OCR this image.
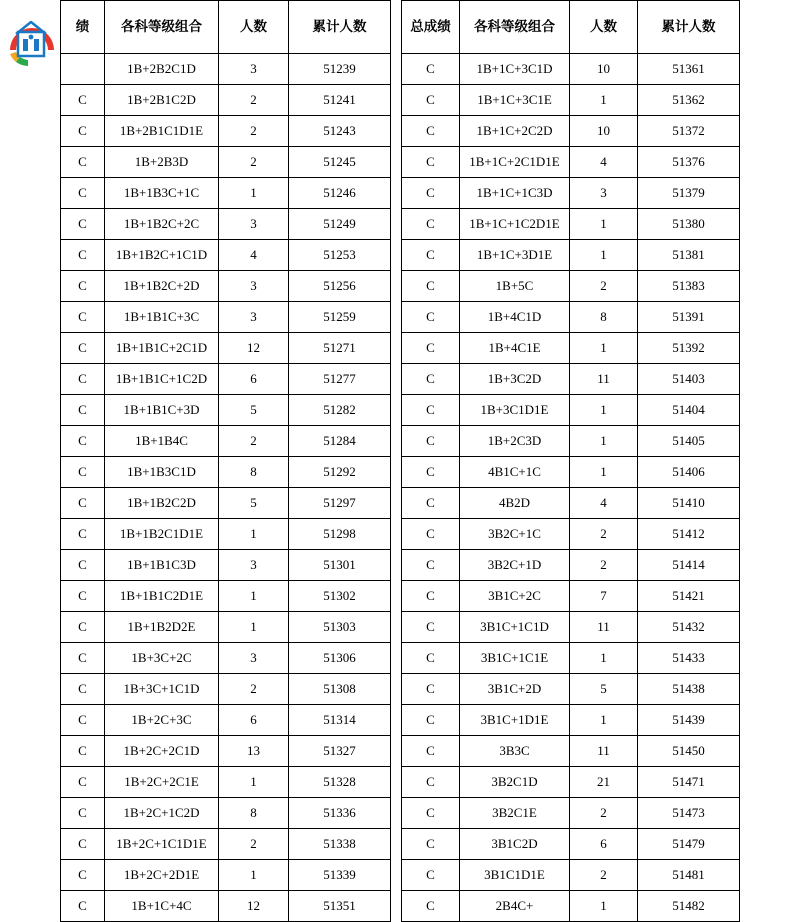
绩	各科等级组合	人数	累计人数
	1B+2B2C1D	3	51239
C	1B+2B1C2D	2	51241
C	1B+2B1C1D1E	2	51243
C	1B+2B3D	2	51245
C	1B+1B3C+1C	1	51246
C	1B+1B2C+2C	3	51249
C	1B+1B2C+1C1D	4	51253
C	1B+1B2C+2D	3	51256
C	1B+1B1C+3C	3	51259
C	1B+1B1C+2C1D	12	51271
C	1B+1B1C+1C2D	6	51277
C	1B+1B1C+3D	5	51282
C	1B+1B4C	2	51284
C	1B+1B3C1D	8	51292
C	1B+1B2C2D	5	51297
C	1B+1B2C1D1E	1	51298
C	1B+1B1C3D	3	51301
C	1B+1B1C2D1E	1	51302
C	1B+1B2D2E	1	51303
C	1B+3C+2C	3	51306
C	1B+3C+1C1D	2	51308
C	1B+2C+3C	6	51314
C	1B+2C+2C1D	13	51327
C	1B+2C+2C1E	1	51328
C	1B+2C+1C2D	8	51336
C	1B+2C+1C1D1E	2	51338
C	1B+2C+2D1E	1	51339
C	1B+1C+4C	12	51351
总成绩	各科等级组合	人数	累计人数
C	1B+1C+3C1D	10	51361
C	1B+1C+3C1E	1	51362
C	1B+1C+2C2D	10	51372
C	1B+1C+2C1D1E	4	51376
C	1B+1C+1C3D	3	51379
C	1B+1C+1C2D1E	1	51380
C	1B+1C+3D1E	1	51381
C	1B+5C	2	51383
C	1B+4C1D	8	51391
C	1B+4C1E	1	51392
C	1B+3C2D	11	51403
C	1B+3C1D1E	1	51404
C	1B+2C3D	1	51405
C	4B1C+1C	1	51406
C	4B2D	4	51410
C	3B2C+1C	2	51412
C	3B2C+1D	2	51414
C	3B1C+2C	7	51421
C	3B1C+1C1D	11	51432
C	3B1C+1C1E	1	51433
C	3B1C+2D	5	51438
C	3B1C+1D1E	1	51439
C	3B3C	11	51450
C	3B2C1D	21	51471
C	3B2C1E	2	51473
C	3B1C2D	6	51479
C	3B1C1D1E	2	51481
C	2B4C+	1	51482
